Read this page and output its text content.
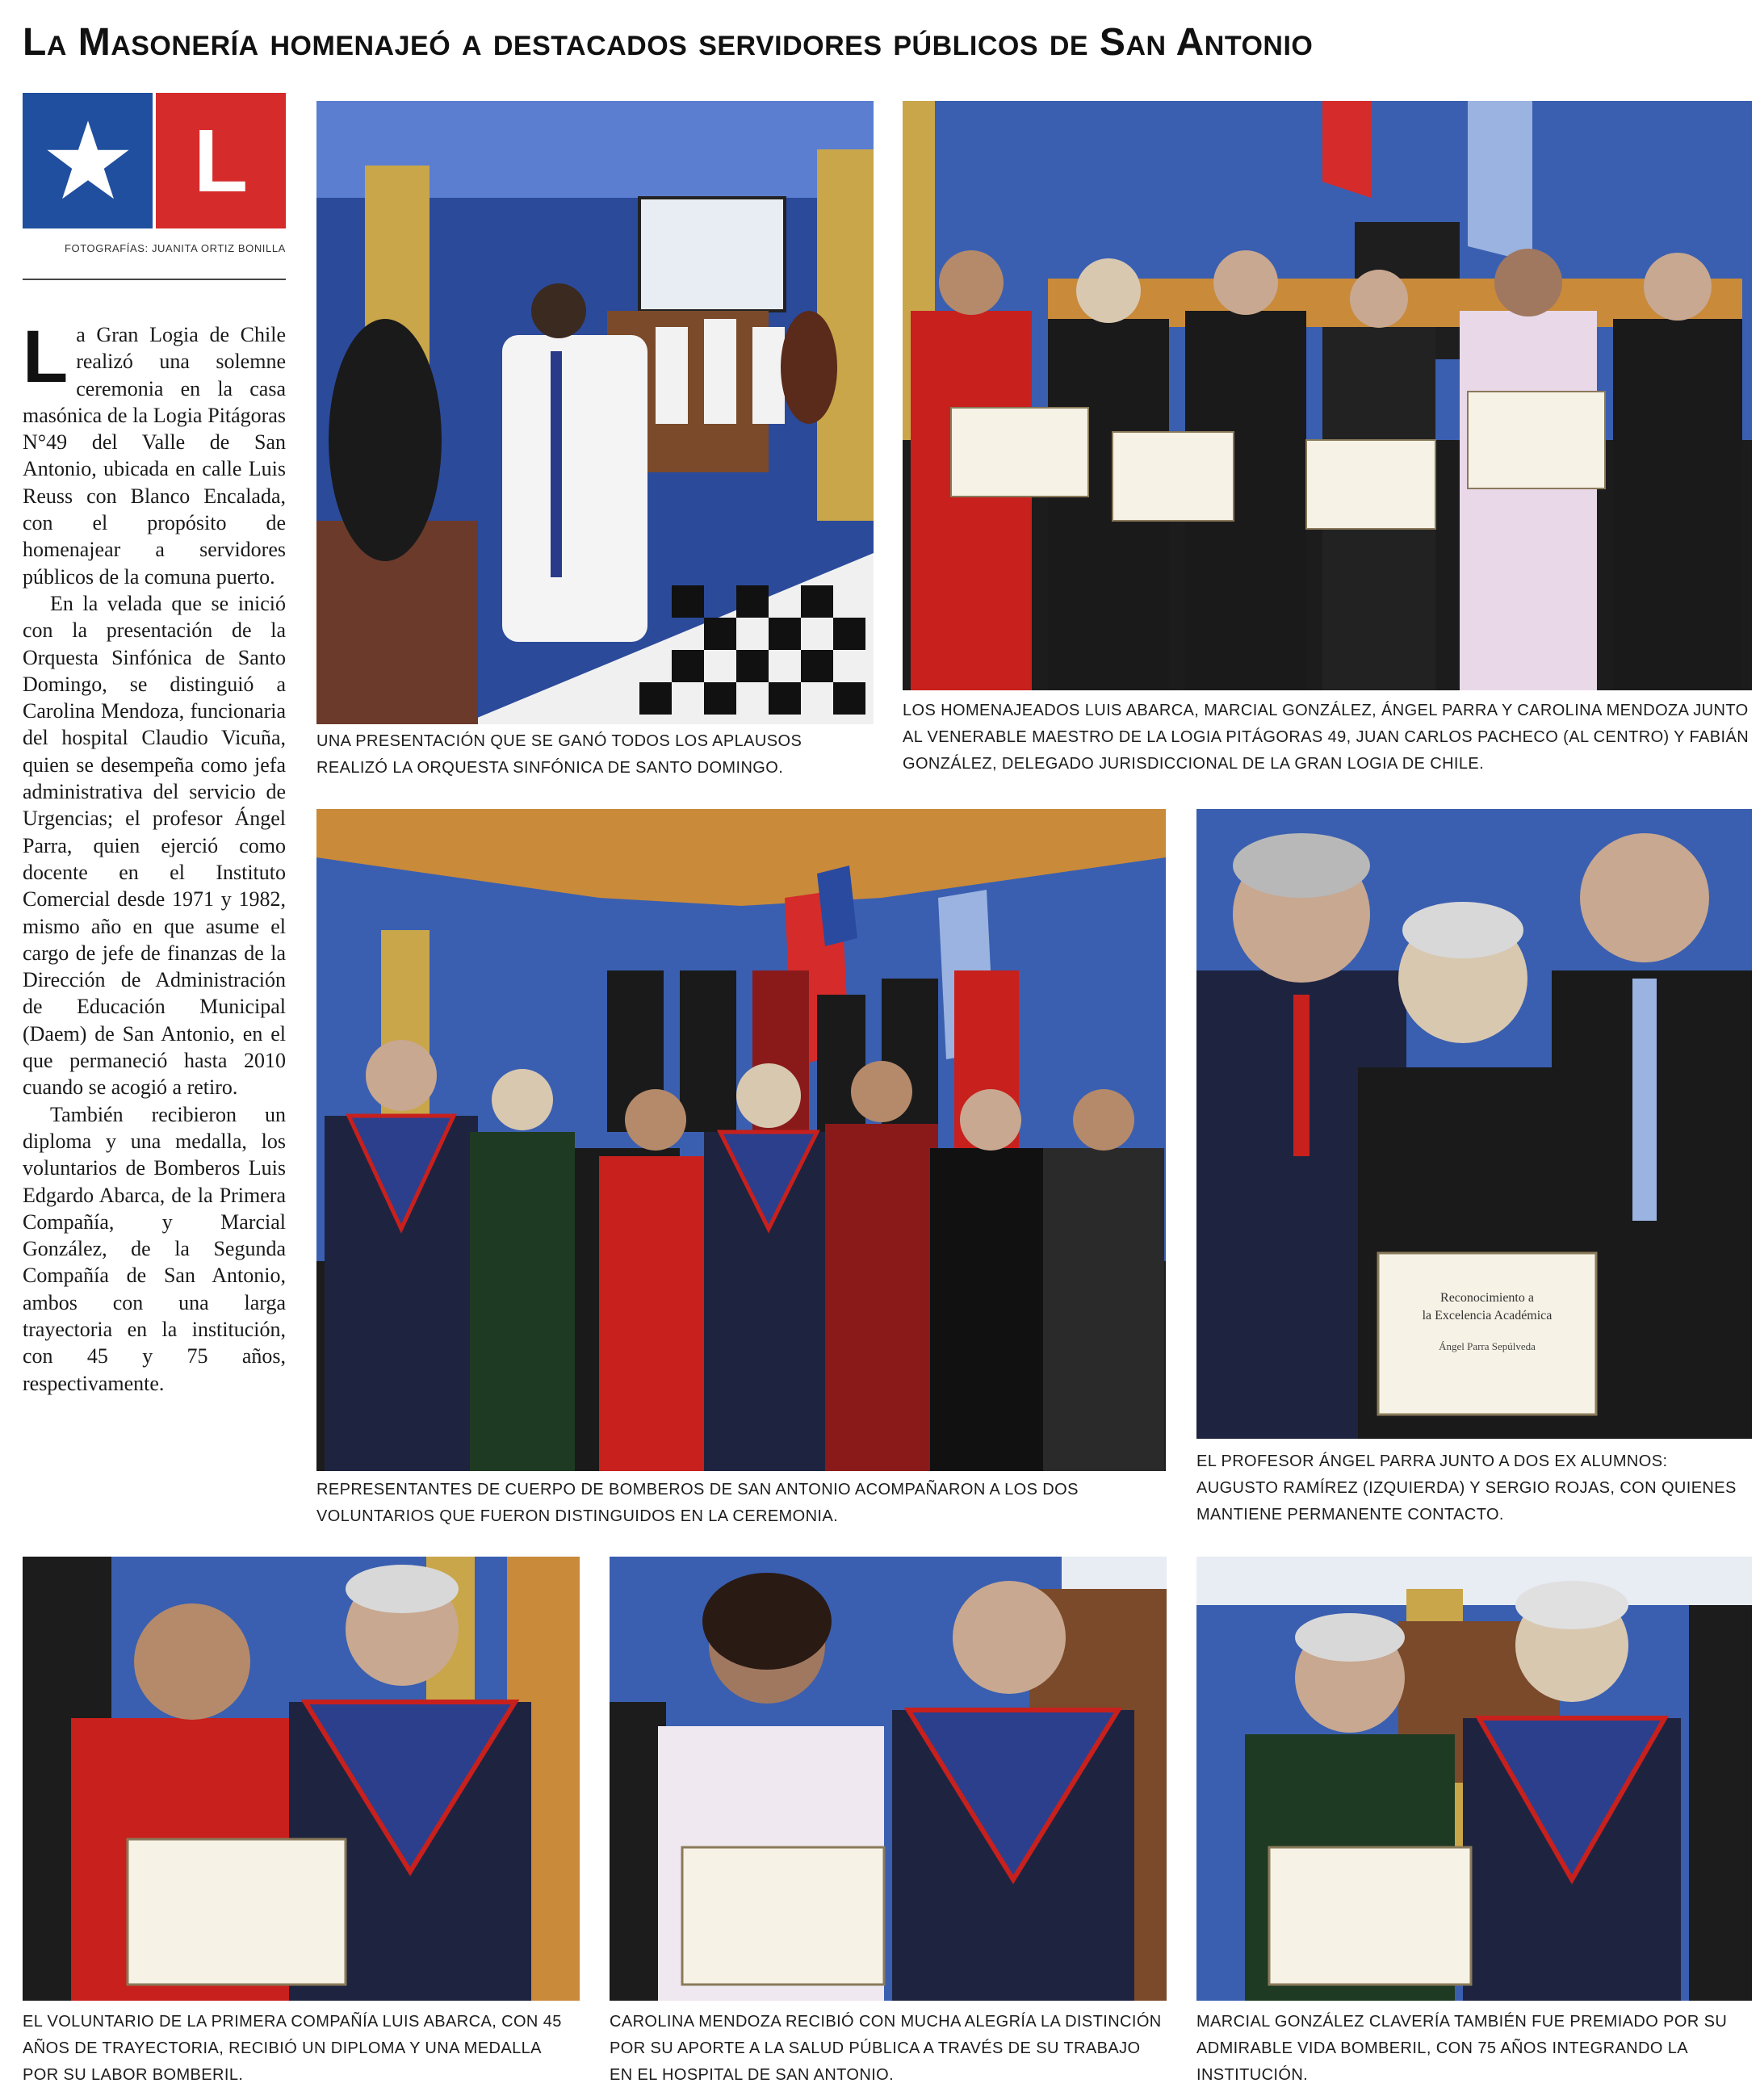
La Masonería homenajeó a destacados servidores públicos de San Antonio
L
FOTOGRAFÍAS: JUANITA ORTIZ BONILLA

La Gran Logia de Chile realizó una solemne ceremonia en la casa masónica de la Logia Pitágoras N°49 del Valle de San Antonio, ubicada en calle Luis Reuss con Blanco Encalada, con el propósito de homenajear a servidores públicos de la comuna puerto.

En la velada que se inició con la presentación de la Orquesta Sinfónica de Santo Domingo, se distinguió a Carolina Mendoza, funcionaria del hospital Claudio Vicuña, quien se desempeña como jefa administrativa del servicio de Urgencias; el profesor Ángel Parra, quien ejerció como docente en el Instituto Comercial desde 1971 y 1982, mismo año en que asume el cargo de jefe de finanzas de la Dirección de Administración de Educación Municipal (Daem) de San Antonio, en el que permaneció hasta 2010 cuando se acogió a retiro.

También recibieron un diploma y una medalla, los voluntarios de Bomberos Luis Edgardo Abarca, de la Primera Compañía, y Marcial González, de la Segunda Compañía de San Antonio, ambos con una larga trayectoria en la institución, con 45 y 75 años, respectivamente.

UNA PRESENTACIÓN QUE SE GANÓ TODOS LOS APLAUSOS REALIZÓ LA ORQUESTA SINFÓNICA DE SANTO DOMINGO.
LOS HOMENAJEADOS LUIS ABARCA, MARCIAL GONZÁLEZ, ÁNGEL PARRA Y CAROLINA MENDOZA JUNTO AL VENERABLE MAESTRO DE LA LOGIA PITÁGORAS 49, JUAN CARLOS PACHECO (AL CENTRO) Y FABIÁN GONZÁLEZ, DELEGADO JURISDICCIONAL DE LA GRAN LOGIA DE CHILE.
REPRESENTANTES DE CUERPO DE BOMBEROS DE SAN ANTONIO ACOMPAÑARON A LOS DOS VOLUNTARIOS QUE FUERON DISTINGUIDOS EN LA CEREMONIA.
Reconocimiento a
la Excelencia Académica
Ángel Parra Sepúlveda
EL PROFESOR ÁNGEL PARRA JUNTO A DOS EX ALUMNOS: AUGUSTO RAMÍREZ (IZQUIERDA) Y SERGIO ROJAS, CON QUIENES MANTIENE PERMANENTE CONTACTO.
EL VOLUNTARIO DE LA PRIMERA COMPAÑÍA LUIS ABARCA, CON 45 AÑOS DE TRAYECTORIA, RECIBIÓ UN DIPLOMA Y UNA MEDALLA POR SU LABOR BOMBERIL.
CAROLINA MENDOZA RECIBIÓ CON MUCHA ALEGRÍA LA DISTINCIÓN POR SU APORTE A LA SALUD PÚBLICA A TRAVÉS DE SU TRABAJO EN EL HOSPITAL DE SAN ANTONIO.
MARCIAL GONZÁLEZ CLAVERÍA TAMBIÉN FUE PREMIADO POR SU ADMIRABLE VIDA BOMBERIL, CON 75 AÑOS INTEGRANDO LA INSTITUCIÓN.
